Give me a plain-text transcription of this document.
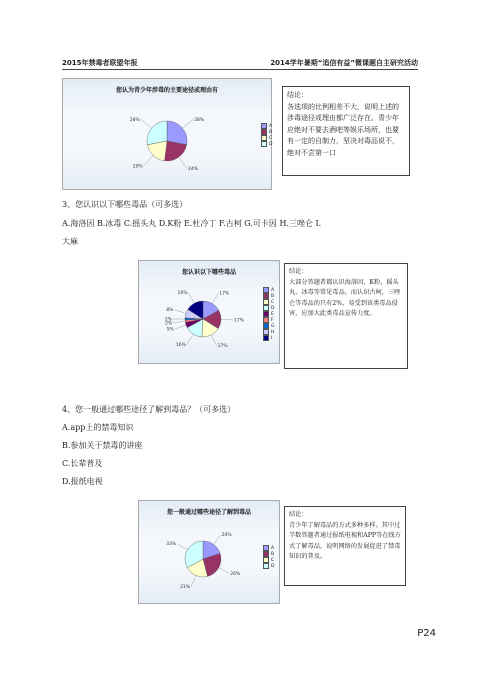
2015年禁毒者联盟年报	2014学年暑期“追信有益”微课题自主研究活动
您认为青少年涉毒的主要途径或理由有
28%
24%
20%
28%
A
B
C
D
结论：
各选项的比例相差不大，说明上述的涉毒途径或理由都广泛存在。青少年应绝对不要去酒吧等娱乐场所，也要有一定的自制力，坚决对毒品说不，绝对不尝第一口
3、您认识以下哪些毒品（可多选）
A.海洛因 B.冰毒 C.摇头丸 D.K粉 E.杜冷丁 F.古柯 G.可卡因 H.三唑仑 I.
大麻
您认识以下哪些毒品
17%
17%
17%
16%
5%
2%
2%
8%
16%
A
B
C
D
E
F
G
H
I
结论：
大部分答题者都认识海洛因，K粉，摇头丸，冰毒等常见毒品。而认识古柯，三唑仑等毒品的只有2%，易受到该类毒品侵害，应加大此类毒品宣传力度。
4、您一般通过哪些途径了解到毒品？（可多选）
A.app上的禁毒知识
B.参加关于禁毒的讲座
C.长辈普及
D.报纸电视
您一般通过哪些途径了解到毒品
20%
26%
21%
33%
A
B
C
D
结论：
青少年了解毒品的方式多种多样。其中过半数答题者通过报纸电视和APP等在线方式了解毒品，说明网络的发展促进了禁毒知识的普及。
P24
